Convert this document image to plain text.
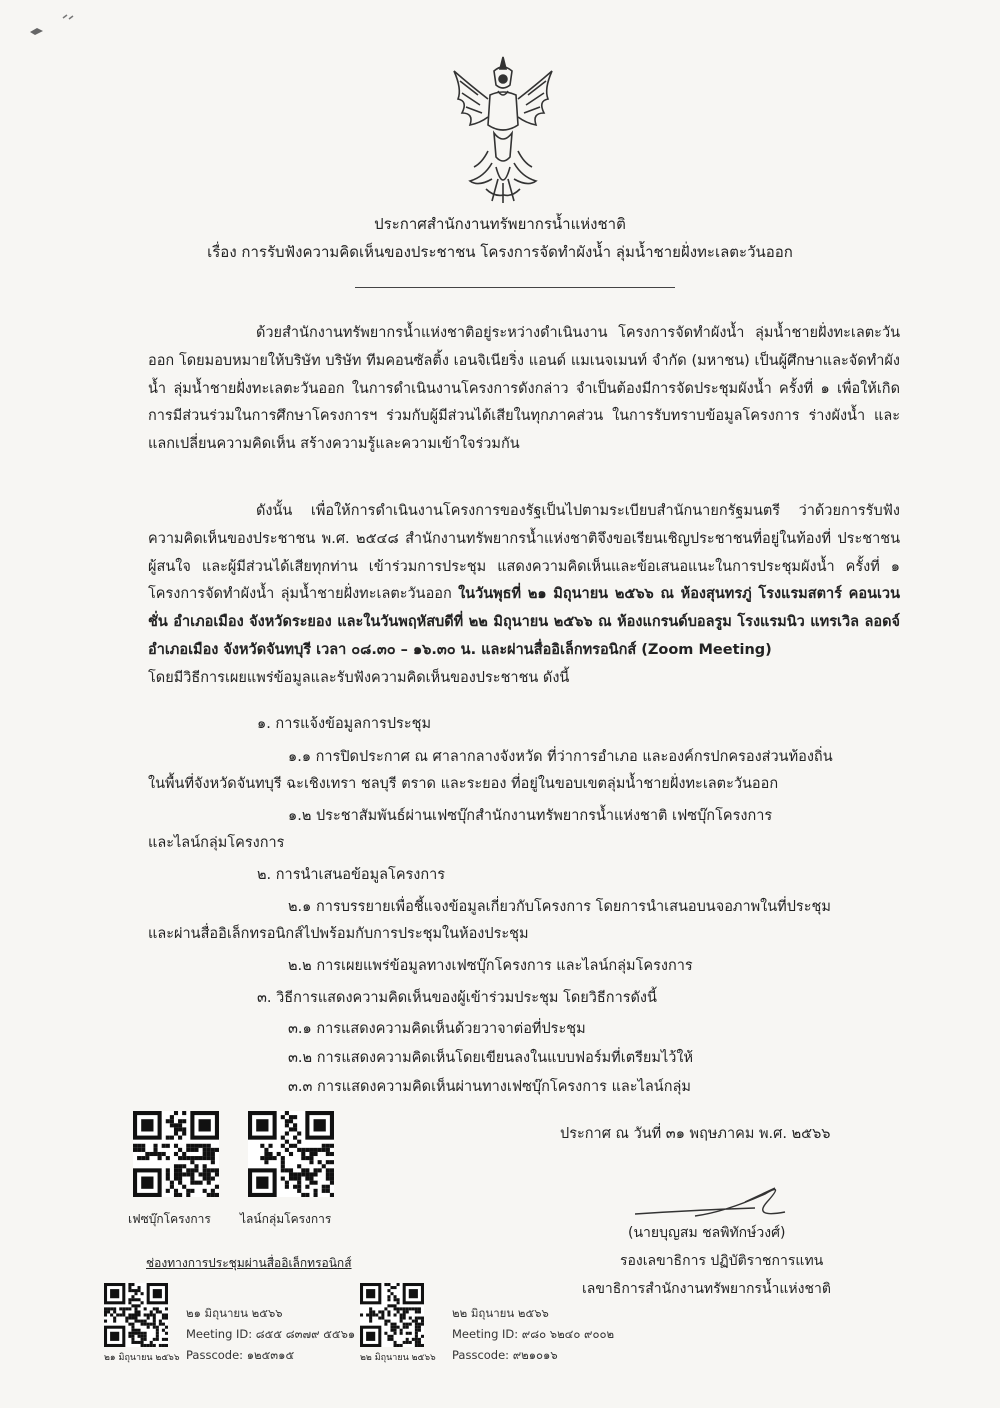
ประกาศสำนักงานทรัพยากรน้ำแห่งชาติ
เรื่อง การรับฟังความคิดเห็นของประชาชน โครงการจัดทำผังน้ำ ลุ่มน้ำชายฝั่งทะเลตะวันออก
ด้วยสำนักงานทรัพยากรน้ำแห่งชาติอยู่ระหว่างดำเนินงาน โครงการจัดทำผังน้ำ ลุ่มน้ำชายฝั่งทะเลตะวันออก โดยมอบหมายให้บริษัท บริษัท ทีมคอนซัลติ้ง เอนจิเนียริ่ง แอนด์ แมเนจเมนท์ จำกัด (มหาชน) เป็นผู้ศึกษาและจัดทำผังน้ำ ลุ่มน้ำชายฝั่งทะเลตะวันออก ในการดำเนินงานโครงการดังกล่าว จำเป็นต้องมีการจัดประชุมผังน้ำ ครั้งที่ ๑ เพื่อให้เกิดการมีส่วนร่วมในการศึกษาโครงการฯ ร่วมกับผู้มีส่วนได้เสียในทุกภาคส่วน ในการรับทราบข้อมูลโครงการ ร่างผังน้ำ และแลกเปลี่ยนความคิดเห็น สร้างความรู้และความเข้าใจร่วมกัน
ดังนั้น เพื่อให้การดำเนินงานโครงการของรัฐเป็นไปตามระเบียบสำนักนายกรัฐมนตรี ว่าด้วยการรับฟังความคิดเห็นของประชาชน พ.ศ. ๒๕๔๘ สำนักงานทรัพยากรน้ำแห่งชาติจึงขอเรียนเชิญประชาชนที่อยู่ในท้องที่ ประชาชนผู้สนใจ และผู้มีส่วนได้เสียทุกท่าน เข้าร่วมการประชุม แสดงความคิดเห็นและข้อเสนอแนะในการประชุมผังน้ำ ครั้งที่ ๑ โครงการจัดทำผังน้ำ ลุ่มน้ำชายฝั่งทะเลตะวันออก ในวันพุธที่ ๒๑ มิถุนายน ๒๕๖๖ ณ ห้องสุนทรภู่ โรงแรมสตาร์ คอนเวนชั่น อำเภอเมือง จังหวัดระยอง และในวันพฤหัสบดีที่ ๒๒ มิถุนายน ๒๕๖๖ ณ ห้องแกรนด์บอลรูม โรงแรมนิว แทรเวิล ลอดจ์ อำเภอเมือง จังหวัดจันทบุรี เวลา ๐๘.๓๐ – ๑๖.๓๐ น. และผ่านสื่ออิเล็กทรอนิกส์ (Zoom Meeting)
โดยมีวิธีการเผยแพร่ข้อมูลและรับฟังความคิดเห็นของประชาชน ดังนี้
๑. การแจ้งข้อมูลการประชุม
๑.๑ การปิดประกาศ ณ ศาลากลางจังหวัด ที่ว่าการอำเภอ และองค์กรปกครองส่วนท้องถิ่น
ในพื้นที่จังหวัดจันทบุรี ฉะเชิงเทรา ชลบุรี ตราด และระยอง ที่อยู่ในขอบเขตลุ่มน้ำชายฝั่งทะเลตะวันออก
๑.๒ ประชาสัมพันธ์ผ่านเฟซบุ๊กสำนักงานทรัพยากรน้ำแห่งชาติ เฟซบุ๊กโครงการ
และไลน์กลุ่มโครงการ
๒. การนำเสนอข้อมูลโครงการ
๒.๑ การบรรยายเพื่อชี้แจงข้อมูลเกี่ยวกับโครงการ โดยการนำเสนอบนจอภาพในที่ประชุม
และผ่านสื่ออิเล็กทรอนิกส์ไปพร้อมกับการประชุมในห้องประชุม
๒.๒ การเผยแพร่ข้อมูลทางเฟซบุ๊กโครงการ และไลน์กลุ่มโครงการ
๓. วิธีการแสดงความคิดเห็นของผู้เข้าร่วมประชุม โดยวิธีการดังนี้
๓.๑ การแสดงความคิดเห็นด้วยวาจาต่อที่ประชุม
๓.๒ การแสดงความคิดเห็นโดยเขียนลงในแบบฟอร์มที่เตรียมไว้ให้
๓.๓ การแสดงความคิดเห็นผ่านทางเฟซบุ๊กโครงการ และไลน์กลุ่ม
เฟซบุ๊กโครงการ ไลน์กลุ่มโครงการ
ช่องทางการประชุมผ่านสื่ออิเล็กทรอนิกส์
๒๑ มิถุนายน ๒๕๖๖
๒๑ มิถุนายน ๒๕๖๖
Meeting ID: ๘๕๕ ๘๓๗๙ ๕๕๖๑
Passcode: ๑๒๕๓๑๕	๒๒ มิถุนายน ๒๕๖๖
๒๒ มิถุนายน ๒๕๖๖
Meeting ID: ๙๘๐ ๖๒๔๐ ๙๐๐๒
Passcode: ๙๒๑๐๑๖
ประกาศ ณ วันที่ ๓๑ พฤษภาคม พ.ศ. ๒๕๖๖
(นายบุญสม ชลพิทักษ์วงศ์)
รองเลขาธิการ ปฏิบัติราชการแทน
เลขาธิการสำนักงานทรัพยากรน้ำแห่งชาติ
